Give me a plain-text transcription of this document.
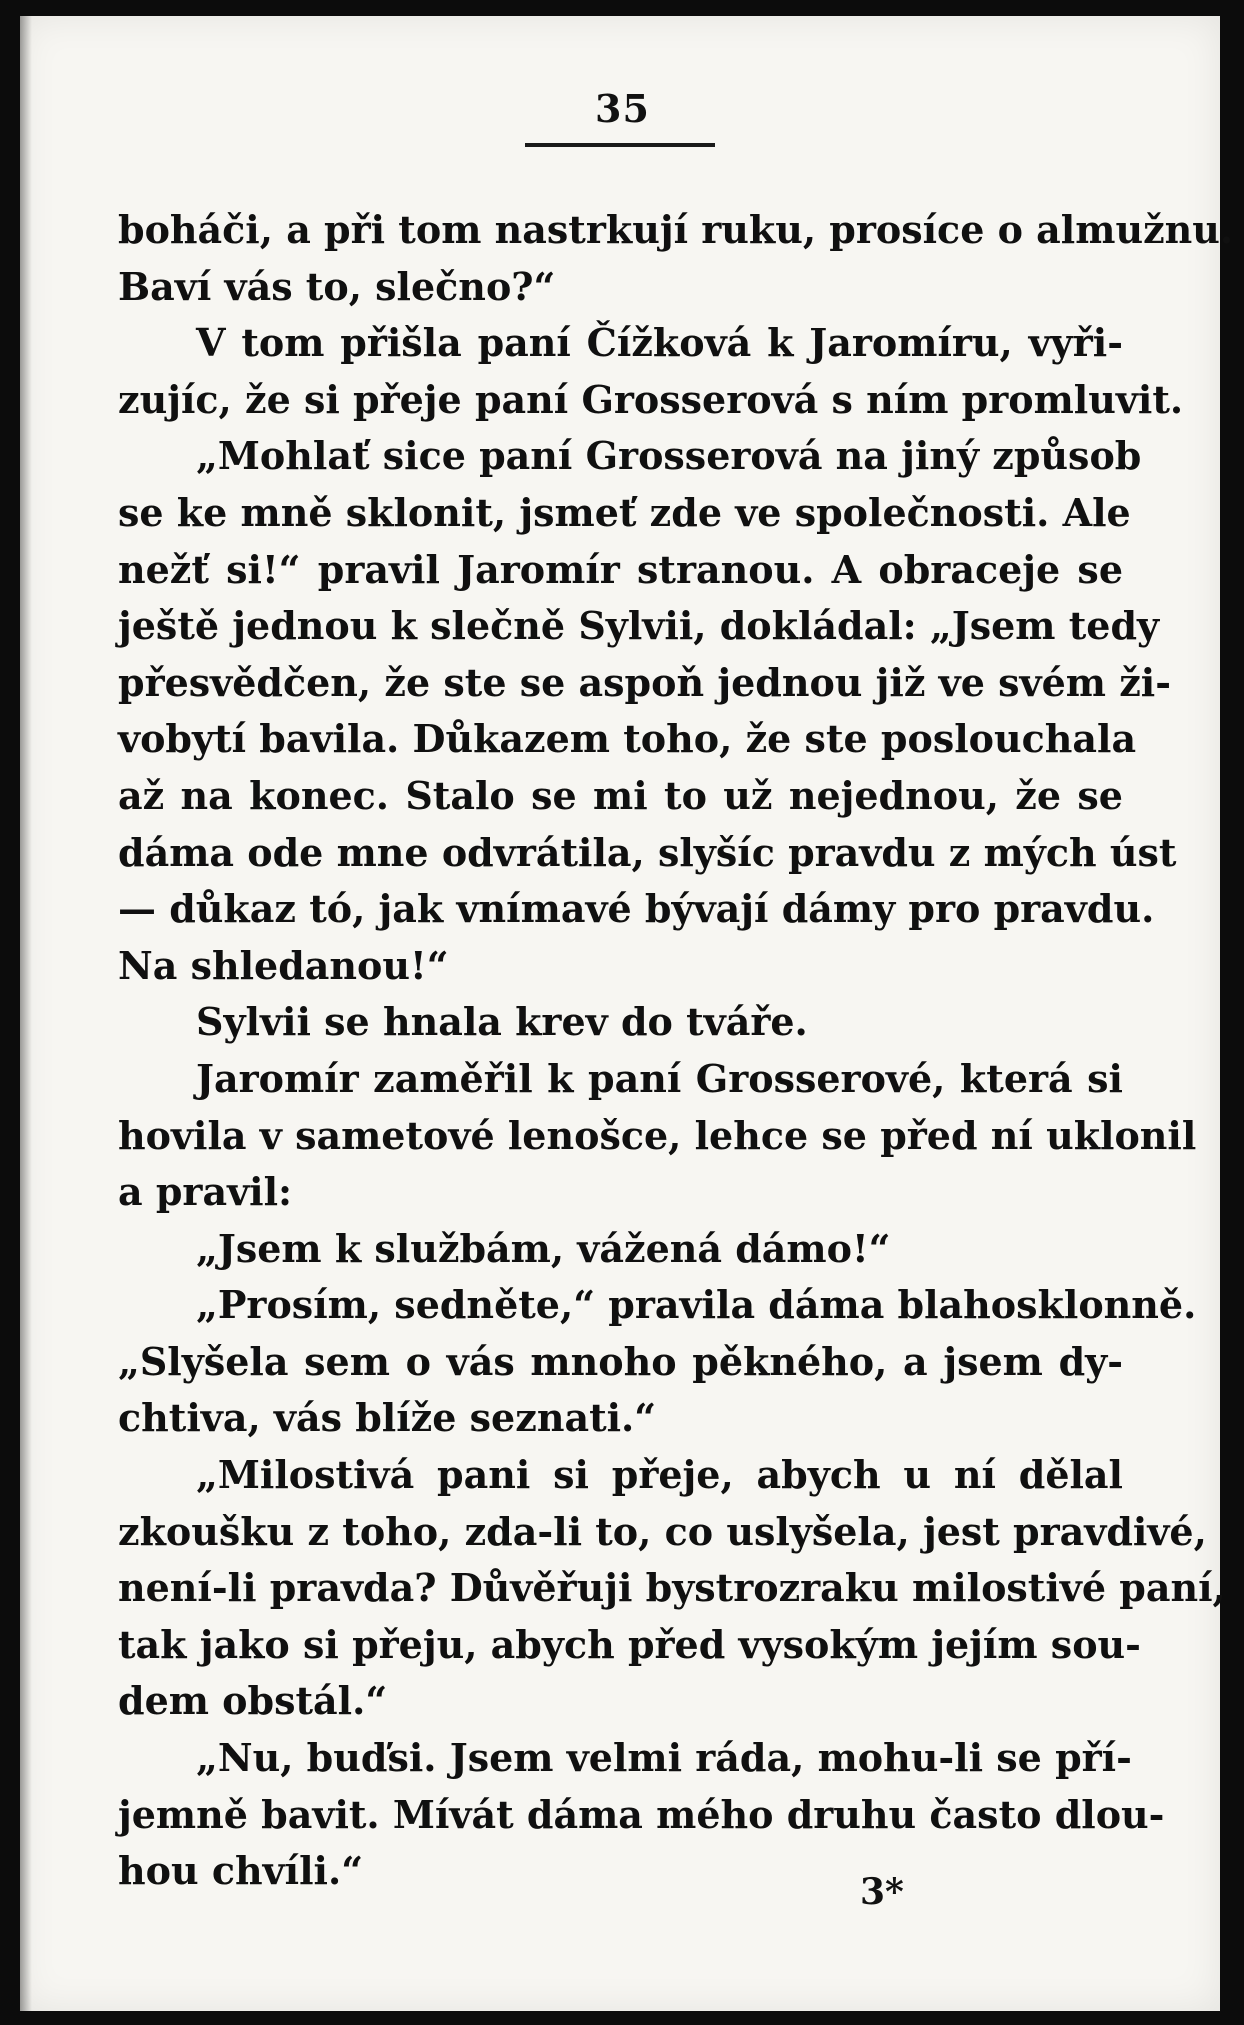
35
boháči, a při tom nastrkují ruku, prosíce o almužnu.
Baví vás to, slečno?“
V tom přišla paní Čížková k Jaromíru, vyři-
zujíc, že si přeje paní Grosserová s ním promluvit.
„Mohlať sice paní Grosserová na jiný způsob
se ke mně sklonit, jsmeť zde ve společnosti. Ale
nežť si!“ pravil Jaromír stranou. A obraceje se
ještě jednou k slečně Sylvii, dokládal: „Jsem tedy
přesvědčen, že ste se aspoň jednou již ve svém ži-
vobytí bavila. Důkazem toho, že ste poslouchala
až na konec. Stalo se mi to už nejednou, že se
dáma ode mne odvrátila, slyšíc pravdu z mých úst
— důkaz tó, jak vnímavé bývají dámy pro pravdu.
Na shledanou!“
Sylvii se hnala krev do tváře.
Jaromír zaměřil k paní Grosserové, která si
hovila v sametové lenošce, lehce se před ní uklonil
a pravil:
„Jsem k službám, vážená dámo!“
„Prosím, sedněte,“ pravila dáma blahosklonně.
„Slyšela sem o vás mnoho pěkného, a jsem dy-
chtiva, vás blíže seznati.“
„Milostivá pani si přeje, abych u ní dělal
zkoušku z toho, zda-li to, co uslyšela, jest pravdivé,
není-li pravda? Důvěřuji bystrozraku milostivé paní,
tak jako si přeju, abych před vysokým jejím sou-
dem obstál.“
„Nu, buďsi. Jsem velmi ráda, mohu-li se pří-
jemně bavit. Mívát dáma mého druhu často dlou-
hou chvíli.“	3*
